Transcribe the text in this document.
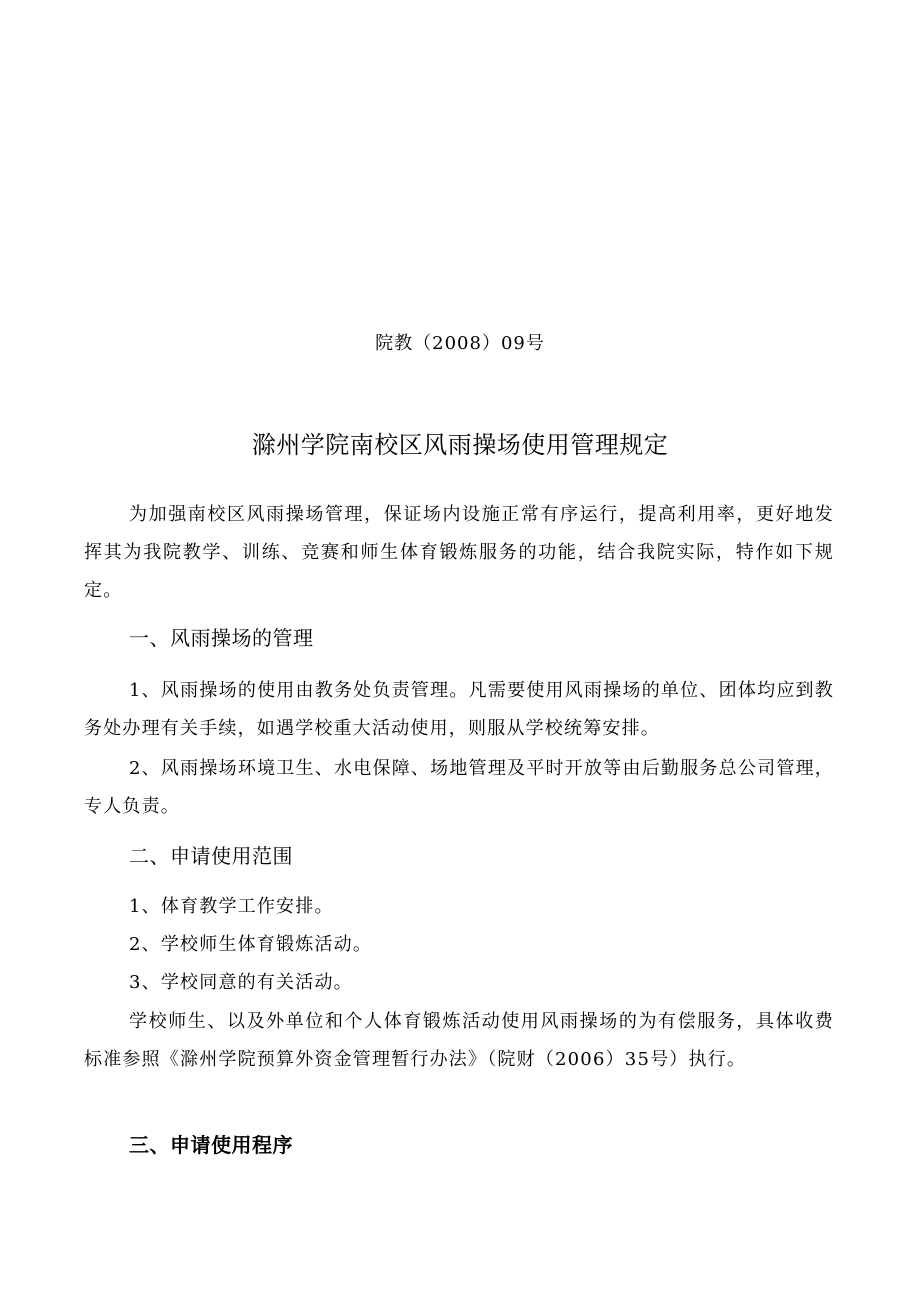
院教（2008）09号
滁州学院南校区风雨操场使用管理规定
为加强南校区风雨操场管理，保证场内设施正常有序运行，提高利用率，更好地发挥其为我院教学、训练、竞赛和师生体育锻炼服务的功能，结合我院实际，特作如下规定。
一、风雨操场的管理
1、风雨操场的使用由教务处负责管理。凡需要使用风雨操场的单位、团体均应到教务处办理有关手续，如遇学校重大活动使用，则服从学校统筹安排。
2、风雨操场环境卫生、水电保障、场地管理及平时开放等由后勤服务总公司管理，专人负责。
二、申请使用范围
1、体育教学工作安排。
2、学校师生体育锻炼活动。
3、学校同意的有关活动。
学校师生、以及外单位和个人体育锻炼活动使用风雨操场的为有偿服务，具体收费标准参照《滁州学院预算外资金管理暂行办法》（院财（2006）35号）执行。
三、申请使用程序
